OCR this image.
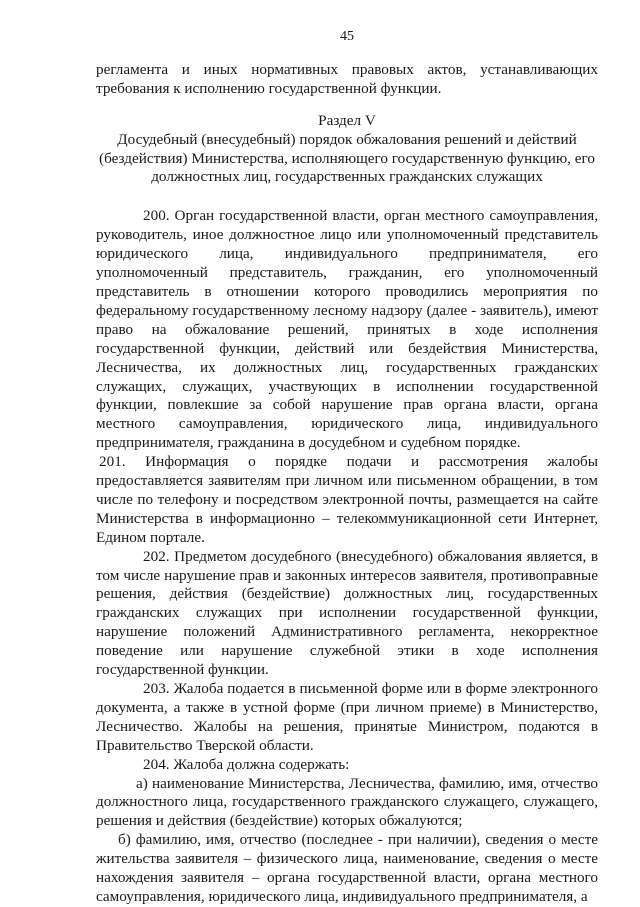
45

регламента и иных нормативных правовых актов, устанавливающих требования к исполнению государственной функции.

Раздел V
Досудебный (внесудебный) порядок обжалования решений и действий
(бездействия) Министерства, исполняющего государственную функцию, его
должностных лиц, государственных гражданских служащих

200. Орган государственной власти, орган местного самоуправления, руководитель, иное должностное лицо или уполномоченный представитель юридического лица, индивидуального предпринимателя, его уполномоченный представитель, гражданин, его уполномоченный представитель в отношении которого проводились мероприятия по федеральному государственному лесному надзору (далее - заявитель), имеют право на обжалование решений, принятых в ходе исполнения государственной функции, действий или бездействия Министерства, Лесничества, их должностных лиц, государственных гражданских служащих, служащих, участвующих в исполнении государственной функции, повлекшие за собой нарушение прав органа власти, органа местного самоуправления, юридического лица, индивидуального предпринимателя, гражданина в досудебном и судебном порядке.

201. Информация о порядке подачи и рассмотрения жалобы предоставляется заявителям при личном или письменном обращении, в том числе по телефону и посредством электронной почты, размещается на сайте Министерства в информационно – телекоммуникационной сети Интернет, Едином портале.

202. Предметом досудебного (внесудебного) обжалования является, в том числе нарушение прав и законных интересов заявителя, противоправные решения, действия (бездействие) должностных лиц, государственных гражданских служащих при исполнении государственной функции, нарушение положений Административного регламента, некорректное поведение или нарушение служебной этики в ходе исполнения государственной функции.

203. Жалоба подается в письменной форме или в форме электронного документа, а также в устной форме (при личном приеме) в Министерство, Лесничество. Жалобы на решения, принятые Министром, подаются в Правительство Тверской области.

204. Жалоба должна содержать:

а) наименование Министерства, Лесничества, фамилию, имя, отчество должностного лица, государственного гражданского служащего, служащего, решения и действия (бездействие) которых обжалуются;

б) фамилию, имя, отчество (последнее - при наличии), сведения о месте жительства заявителя – физического лица, наименование, сведения о месте нахождения заявителя – органа государственной власти, органа местного самоуправления, юридического лица, индивидуального предпринимателя, а
